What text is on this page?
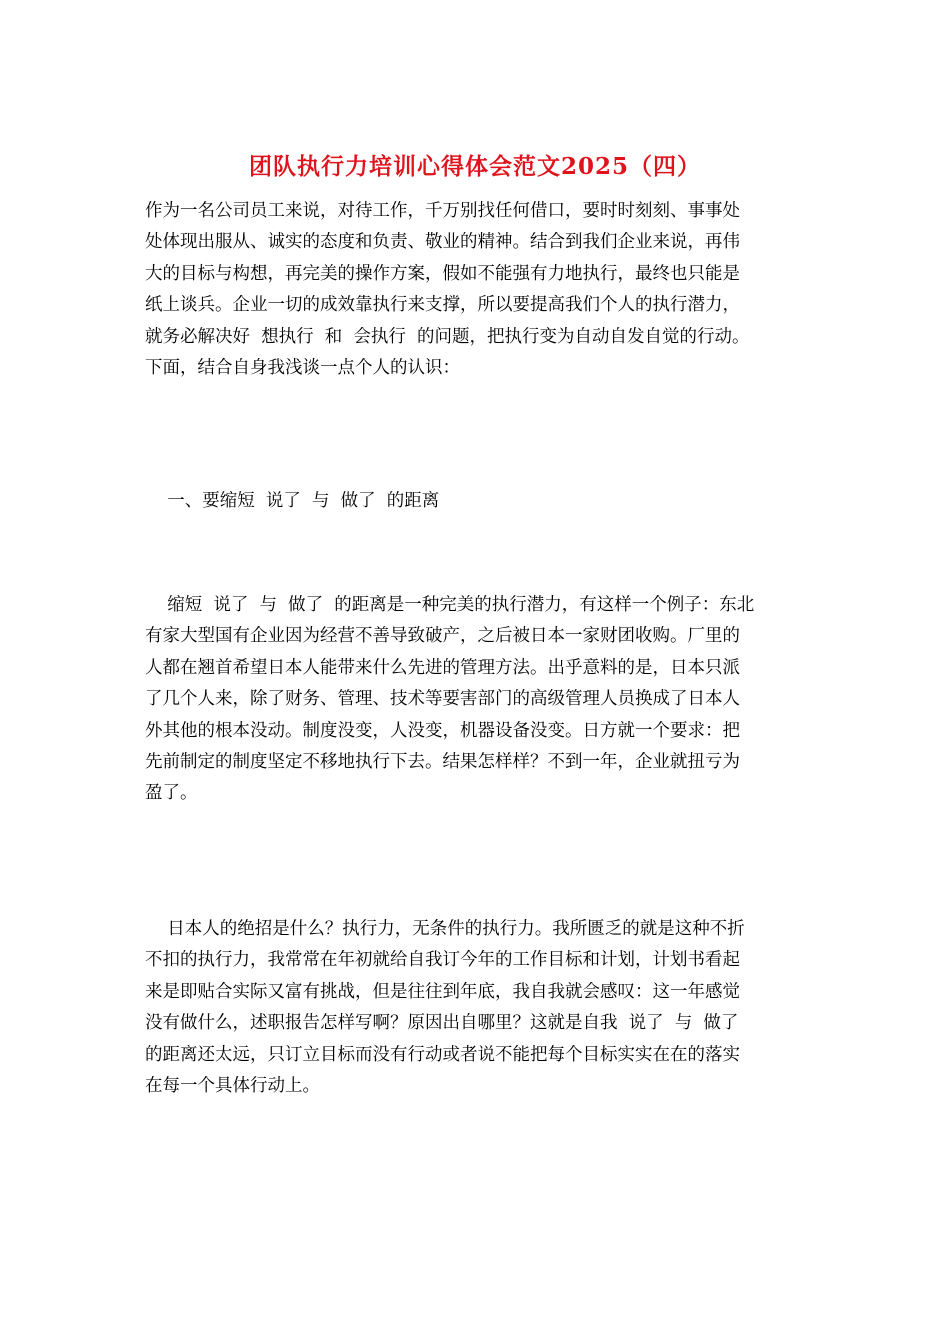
团队执行力培训心得体会范文2025（四）
作为一名公司员工来说，对待工作，千万别找任何借口，要时时刻刻、事事处
处体现出服从、诚实的态度和负责、敬业的精神。结合到我们企业来说，再伟
大的目标与构想，再完美的操作方案，假如不能强有力地执行，最终也只能是
纸上谈兵。企业一切的成效靠执行来支撑，所以要提高我们个人的执行潜力，
就务必解决好  想执行  和  会执行  的问题，把执行变为自动自发自觉的行动。
下面，结合自身我浅谈一点个人的认识：
一、要缩短  说了  与  做了  的距离
缩短  说了  与  做了  的距离是一种完美的执行潜力，有这样一个例子：东北
有家大型国有企业因为经营不善导致破产，之后被日本一家财团收购。厂里的
人都在翘首希望日本人能带来什么先进的管理方法。出乎意料的是，日本只派
了几个人来，除了财务、管理、技术等要害部门的高级管理人员换成了日本人
外其他的根本没动。制度没变，人没变，机器设备没变。日方就一个要求：把
先前制定的制度坚定不移地执行下去。结果怎样样？不到一年，企业就扭亏为
盈了。
日本人的绝招是什么？执行力，无条件的执行力。我所匮乏的就是这种不折
不扣的执行力，我常常在年初就给自我订今年的工作目标和计划，计划书看起
来是即贴合实际又富有挑战，但是往往到年底，我自我就会感叹：这一年感觉
没有做什么，述职报告怎样写啊？原因出自哪里？这就是自我  说了  与  做了
的距离还太远，只订立目标而没有行动或者说不能把每个目标实实在在的落实
在每一个具体行动上。
